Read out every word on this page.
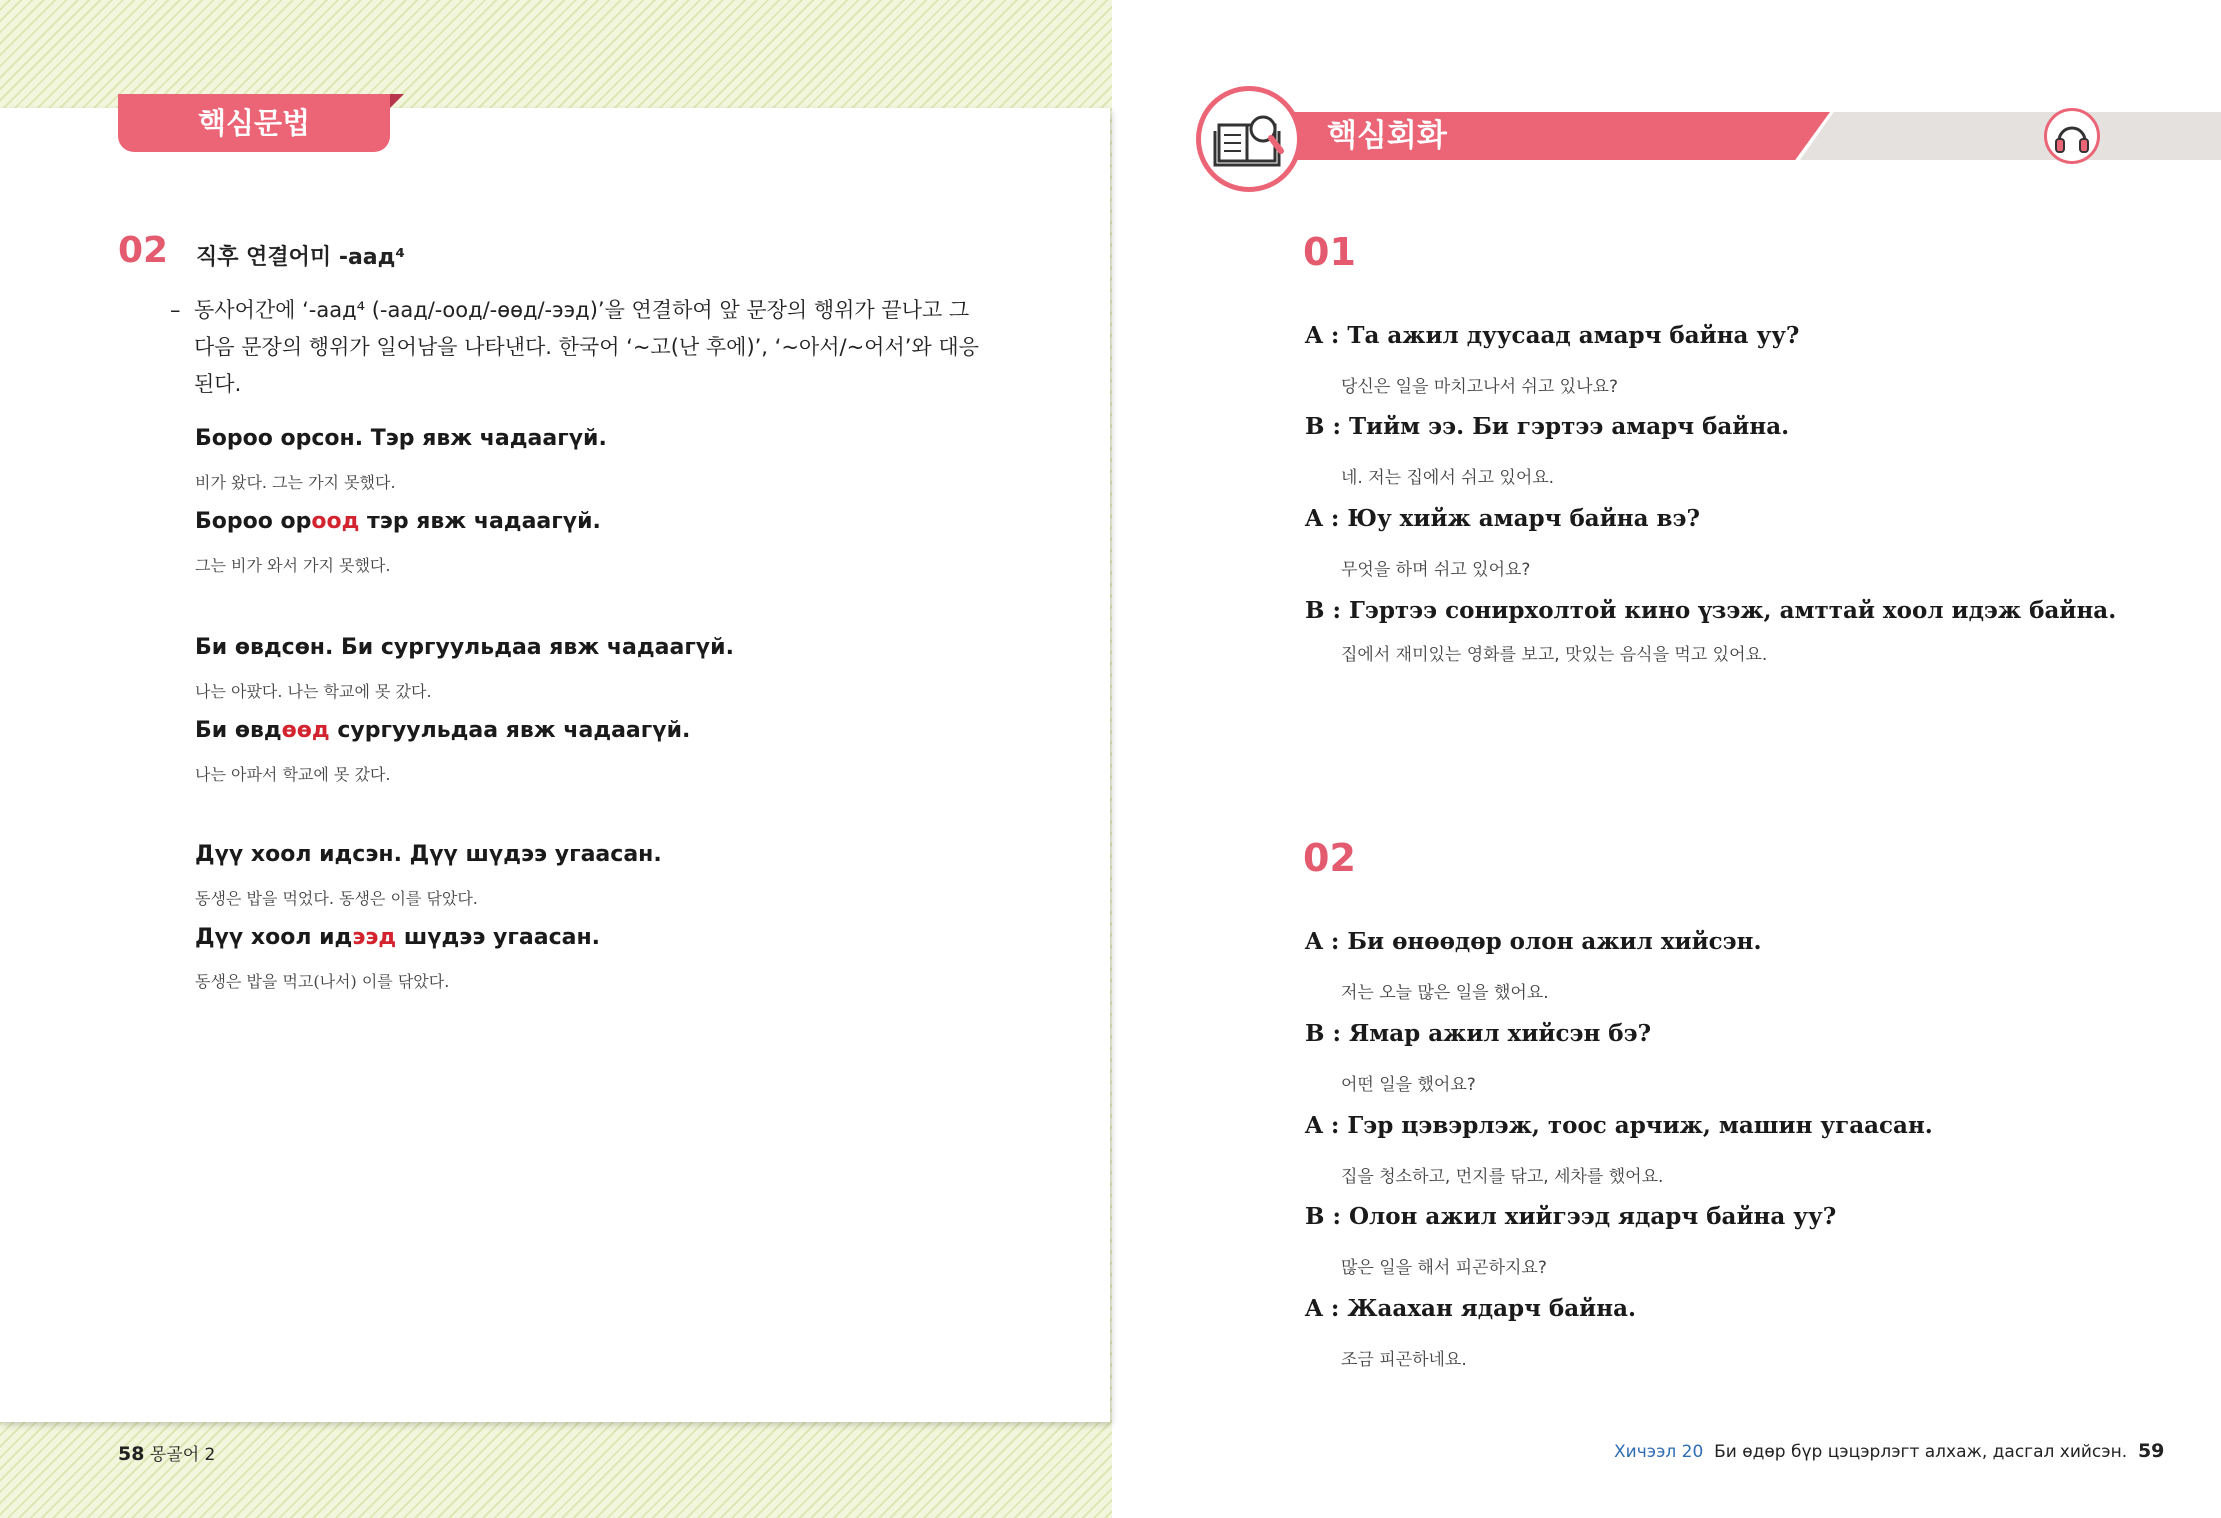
핵심문법
02 직후 연결어미 -аад⁴
– 동사어간에 ‘-аад⁴ (-аад/-оод/-өөд/-ээд)’을 연결하여 앞 문장의 행위가 끝나고 그
다음 문장의 행위가 일어남을 나타낸다. 한국어 ‘~고(난 후에)’, ‘~아서/~어서’와 대응
된다.
Бороо орсон. Тэр явж чадаагүй.
비가 왔다. 그는 가지 못했다.
Бороо ороод тэр явж чадаагүй.
그는 비가 와서 가지 못했다.
Би өвдсөн. Би сургуульдаа явж чадаагүй.
나는 아팠다. 나는 학교에 못 갔다.
Би өвдөөд сургуульдаа явж чадаагүй.
나는 아파서 학교에 못 갔다.
Дүү хоол идсэн. Дүү шүдээ угаасан.
동생은 밥을 먹었다. 동생은 이를 닦았다.
Дүү хоол идээд шүдээ угаасан.
동생은 밥을 먹고(나서) 이를 닦았다.
58 몽골어 2
핵심회화
01
A : Та ажил дуусаад амарч байна уу?
당신은 일을 마치고나서 쉬고 있나요?
B : Тийм ээ. Би гэртээ амарч байна.
네. 저는 집에서 쉬고 있어요.
A : Юу хийж амарч байна вэ?
무엇을 하며 쉬고 있어요?
B : Гэртээ сонирхолтой кино үзэж, амттай хоол идэж байна.
집에서 재미있는 영화를 보고, 맛있는 음식을 먹고 있어요.
02
A : Би өнөөдөр олон ажил хийсэн.
저는 오늘 많은 일을 했어요.
B : Ямар ажил хийсэн бэ?
어떤 일을 했어요?
A : Гэр цэвэрлэж, тоос арчиж, машин угаасан.
집을 청소하고, 먼지를 닦고, 세차를 했어요.
B : Олон ажил хийгээд ядарч байна уу?
많은 일을 해서 피곤하지요?
A : Жаахан ядарч байна.
조금 피곤하네요.
Хичээл 20 Би өдөр бүр цэцэрлэгт алхаж, дасгал хийсэн. 59
